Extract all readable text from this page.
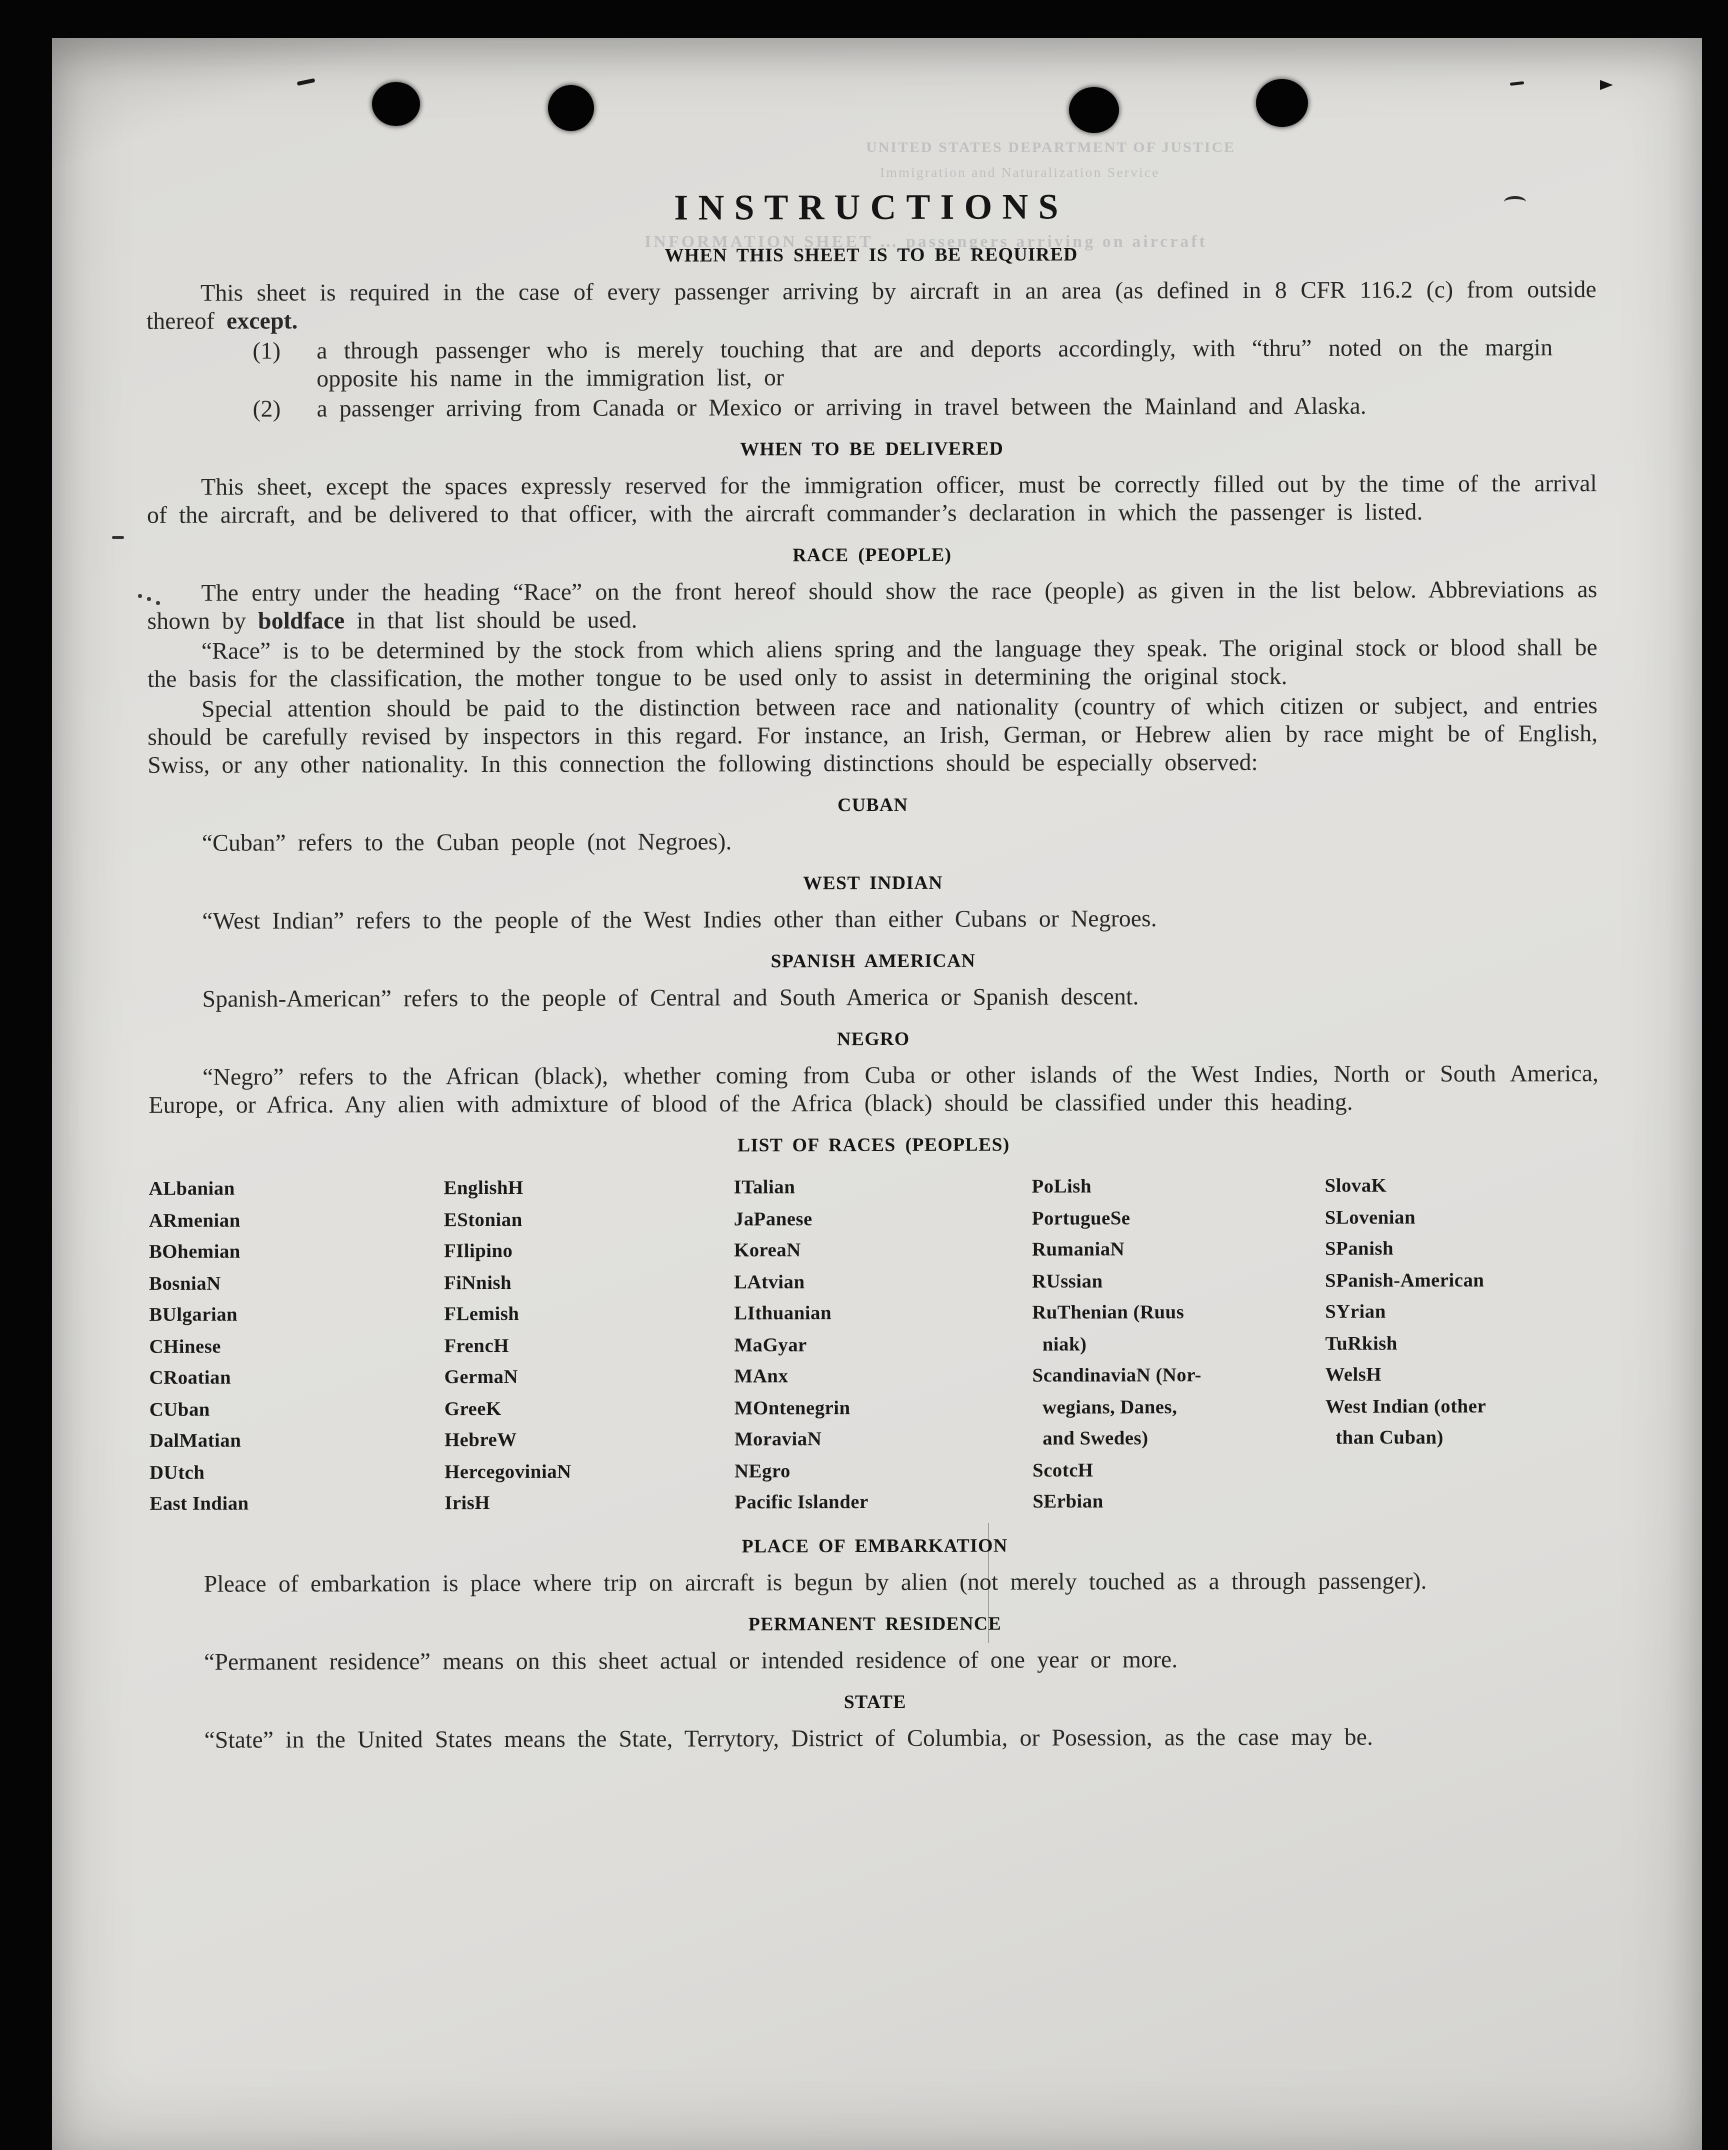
UNITED STATES DEPARTMENT OF JUSTICE
Immigration and Naturalization Service
INFORMATION SHEET … passengers arriving on aircraft
INSTRUCTIONS
WHEN THIS SHEET IS TO BE REQUIRED

This sheet is required in the case of every passenger arriving by aircraft in an area (as defined in 8 CFR 116.2 (c) from outside thereof except.

(1)	a through passenger who is merely touching that are and deports accordingly, with “thru” noted on the margin opposite his name in the immigration list, or
(2)	a passenger arriving from Canada or Mexico or arriving in travel between the Mainland and Alaska.
WHEN TO BE DELIVERED

This sheet, except the spaces expressly reserved for the immigration officer, must be correctly filled out by the time of the arrival of the aircraft, and be delivered to that officer, with the aircraft commander’s declaration in which the passenger is listed.

RACE (PEOPLE)

The entry under the heading “Race” on the front hereof should show the race (people) as given in the list below. Abbreviations as shown by boldface in that list should be used.

“Race” is to be determined by the stock from which aliens spring and the language they speak. The original stock or blood shall be the basis for the classification, the mother tongue to be used only to assist in determining the original stock.

Special attention should be paid to the distinction between race and nationality (country of which citizen or subject, and entries should be carefully revised by inspectors in this regard. For instance, an Irish, German, or Hebrew alien by race might be of English, Swiss, or any other nationality. In this connection the following distinctions should be especially observed:

CUBAN

“Cuban” refers to the Cuban people (not Negroes).

WEST INDIAN

“West Indian” refers to the people of the West Indies other than either Cubans or Negroes.

SPANISH AMERICAN

Spanish-American” refers to the people of Central and South America or Spanish descent.

NEGRO

“Negro” refers to the African (black), whether coming from Cuba or other islands of the West Indies, North or South America, Europe, or Africa. Any alien with admixture of blood of the Africa (black) should be classified under this heading.

LIST OF RACES (PEOPLES)
ALbanian
ARmenian
BOhemian
BosniaN
BUlgarian
CHinese
CRoatian
CUban
DalMatian
DUtch
East Indian
EnglishH
EStonian
FIlipino
FiNnish
FLemish
FrencH
GermaN
GreeK
HebreW
HercegoviniaN
IrisH
ITalian
JaPanese
KoreaN
LAtvian
LIthuanian
MaGyar
MAnx
MOntenegrin
MoraviaN
NEgro
Pacific Islander
PoLish
PortugueSe
RumaniaN
RUssian
RuThenian (Ruus
niak)
ScandinaviaN (Nor-
wegians, Danes,
and Swedes)
ScotcH
SErbian
SlovaK
SLovenian
SPanish
SPanish-American
SYrian
TuRkish
WelsH
West Indian (other
than Cuban)
PLACE OF EMBARKATION

Pleace of embarkation is place where trip on aircraft is begun by alien (not merely touched as a through passenger).

PERMANENT RESIDENCE

“Permanent residence” means on this sheet actual or intended residence of one year or more.

STATE

“State” in the United States means the State, Terrytory, District of Columbia, or Posession, as the case may be.
